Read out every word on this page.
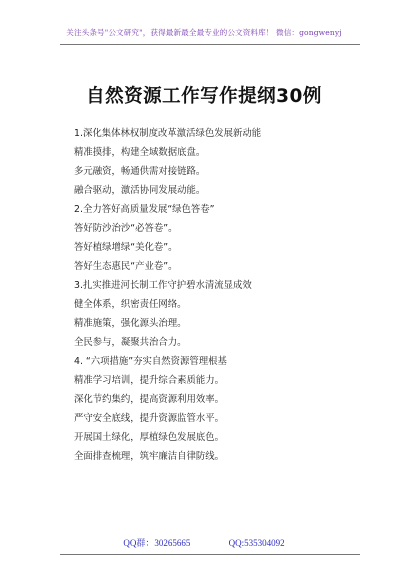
关注头条号"公文研究"，获得最新最全最专业的公文资料库！ 微信：gongwenyj
自然资源工作写作提纲30例
1.深化集体林权制度改革激活绿色发展新动能
精准摸排，构建全域数据底盘。
多元融资，畅通供需对接链路。
融合驱动，激活协同发展动能。
2.全力答好高质量发展“绿色答卷”
答好防沙治沙“必答卷”。
答好植绿增绿“美化卷”。
答好生态惠民“产业卷”。
3.扎实推进河长制工作守护碧水清流显成效
健全体系，织密责任网络。
精准施策，强化源头治理。
全民参与，凝聚共治合力。
4. “六项措施”夯实自然资源管理根基
精准学习培训，提升综合素质能力。
深化节约集约，提高资源利用效率。
严守安全底线，提升资源监管水平。
开展国土绿化，厚植绿色发展底色。
全面排查梳理，筑牢廉洁自律防线。
QQ群：30265665	QQ:535304092
